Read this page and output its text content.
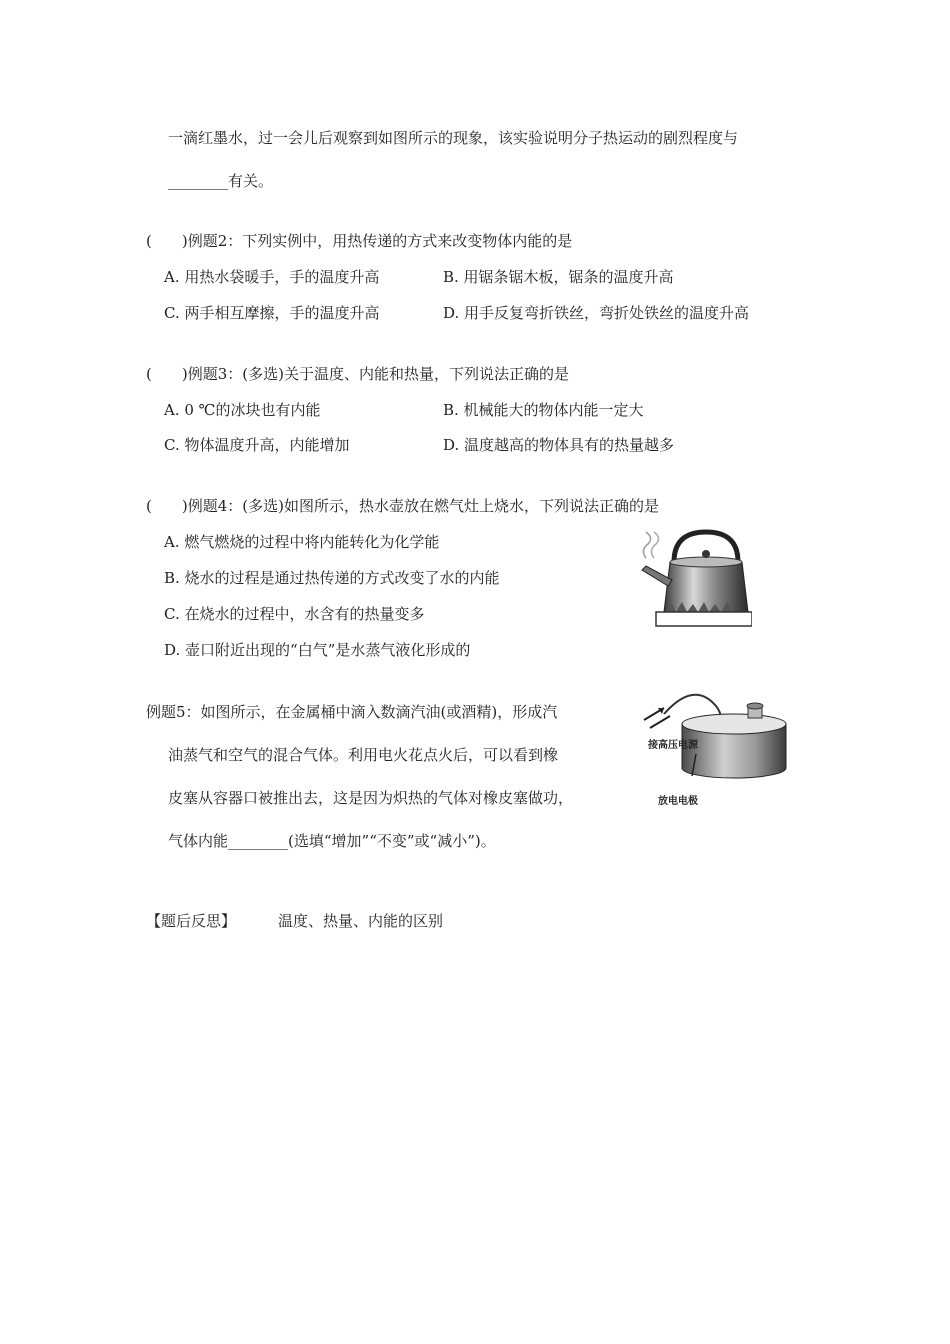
一滴红墨水，过一会儿后观察到如图所示的现象，该实验说明分子热运动的剧烈程度与
________有关。
(　　)例题2：下列实例中，用热传递的方式来改变物体内能的是
A. 用热水袋暖手，手的温度升高	B. 用锯条锯木板，锯条的温度升高
C. 两手相互摩擦，手的温度升高	D. 用手反复弯折铁丝，弯折处铁丝的温度升高
(　　)例题3：(多选)关于温度、内能和热量，下列说法正确的是
A. 0 ℃的冰块也有内能	B. 机械能大的物体内能一定大
C. 物体温度升高，内能增加	D. 温度越高的物体具有的热量越多
(　　)例题4：(多选)如图所示，热水壶放在燃气灶上烧水，下列说法正确的是
A. 燃气燃烧的过程中将内能转化为化学能
B. 烧水的过程是通过热传递的方式改变了水的内能
C. 在烧水的过程中，水含有的热量变多
D. 壶口附近出现的“白气”是水蒸气液化形成的
例题5：如图所示，在金属桶中滴入数滴汽油(或酒精)，形成汽
油蒸气和空气的混合气体。利用电火花点火后，可以看到橡
皮塞从容器口被推出去，这是因为炽热的气体对橡皮塞做功，
气体内能________(选填“增加”“不变”或“减小”)。
接高压电源
放电电极
【题后反思】	温度、热量、内能的区别
